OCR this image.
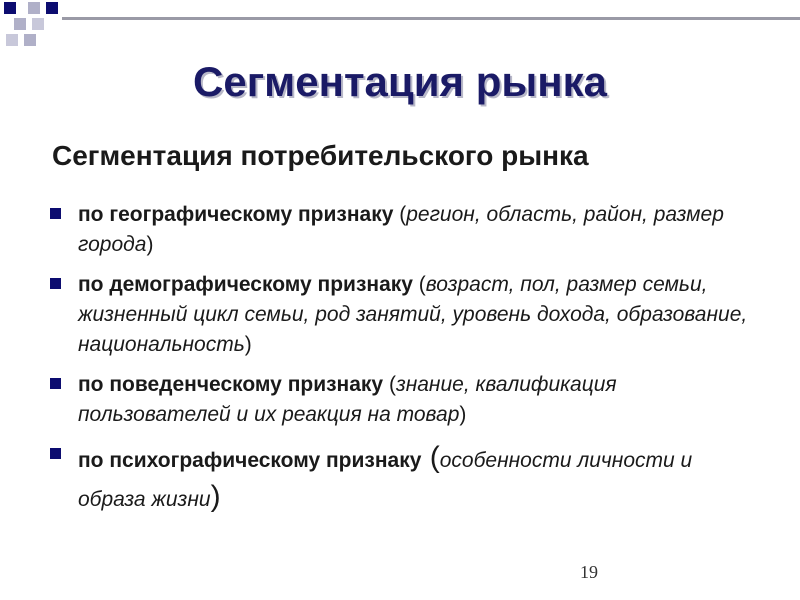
Сегментация рынка
Сегментация потребительского рынка
по географическому признаку (регион, область, район, размер города)
по демографическому признаку (возраст, пол, размер семьи, жизненный цикл семьи, род занятий, уровень дохода, образование, национальность)
по поведенческому признаку (знание, квалификация пользователей и их реакция на товар)
по психографическому признаку (особенности личности и образа жизни)
19
